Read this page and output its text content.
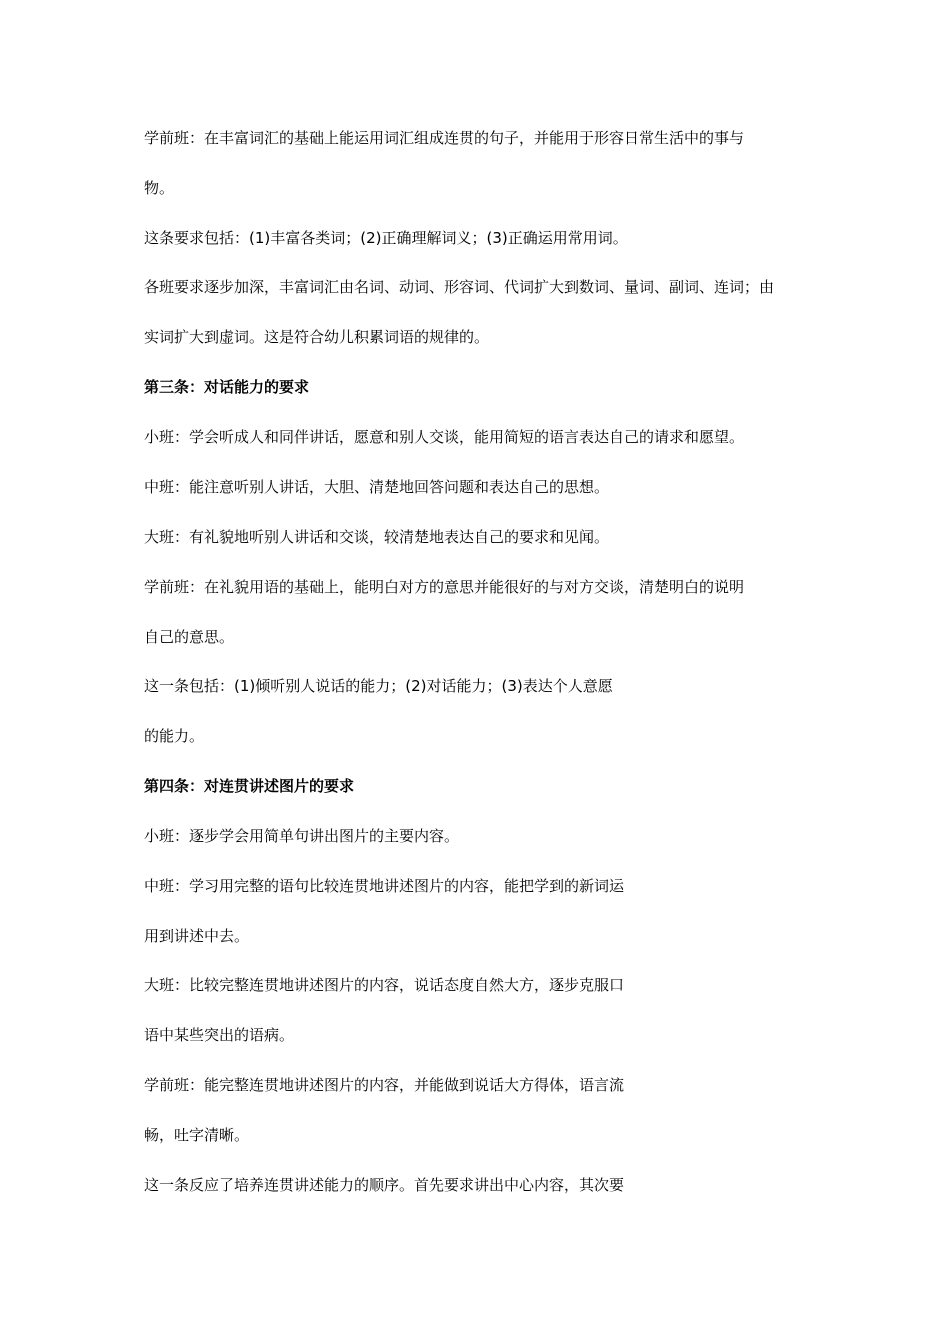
学前班：在丰富词汇的基础上能运用词汇组成连贯的句子，并能用于形容日常生活中的事与
物。
这条要求包括：(1)丰富各类词；(2)正确理解词义；(3)正确运用常用词。
各班要求逐步加深，丰富词汇由名词、动词、形容词、代词扩大到数词、量词、副词、连词；由
实词扩大到虚词。这是符合幼儿积累词语的规律的。
第三条：对话能力的要求
小班：学会听成人和同伴讲话，愿意和别人交谈，能用简短的语言表达自己的请求和愿望。
中班：能注意听别人讲话，大胆、清楚地回答问题和表达自己的思想。
大班：有礼貌地听别人讲话和交谈，较清楚地表达自己的要求和见闻。
学前班：在礼貌用语的基础上，能明白对方的意思并能很好的与对方交谈，清楚明白的说明
自己的意思。
这一条包括：(1)倾听别人说话的能力；(2)对话能力；(3)表达个人意愿
的能力。
第四条：对连贯讲述图片的要求
小班：逐步学会用简单句讲出图片的主要内容。
中班：学习用完整的语句比较连贯地讲述图片的内容，能把学到的新词运
用到讲述中去。
大班：比较完整连贯地讲述图片的内容，说话态度自然大方，逐步克服口
语中某些突出的语病。
学前班：能完整连贯地讲述图片的内容，并能做到说话大方得体，语言流
畅，吐字清晰。
这一条反应了培养连贯讲述能力的顺序。首先要求讲出中心内容，其次要
